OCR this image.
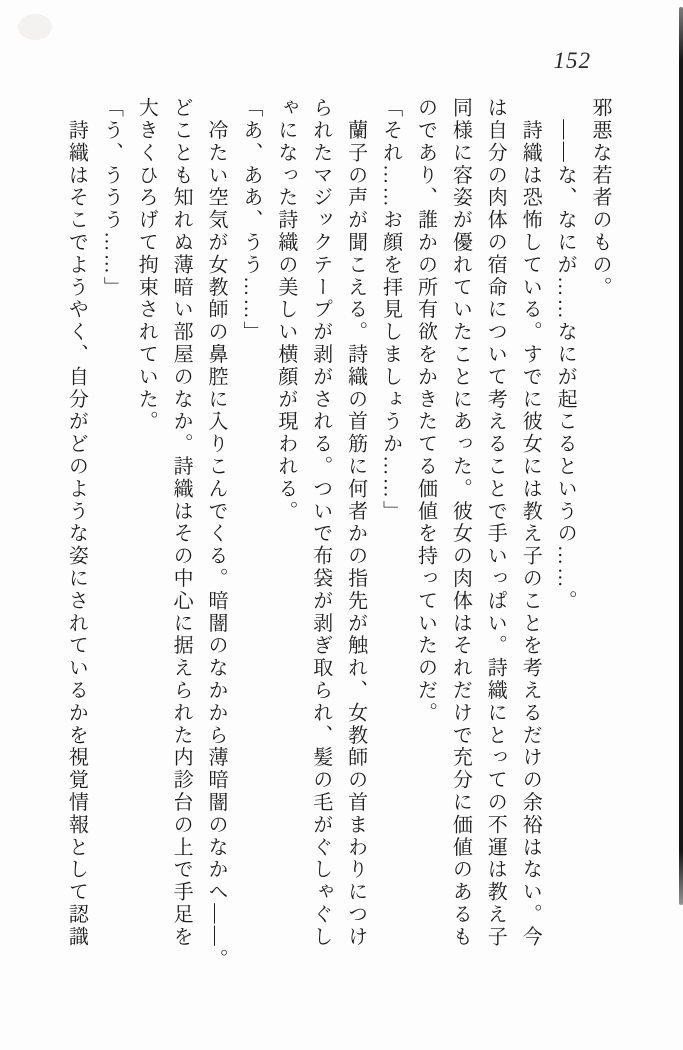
152
邪悪な若者のもの。
　――な、なにが……なにが起こるというの……。
　詩織は恐怖している。すでに彼女には教え子のことを考えるだけの余裕はない。今
は自分の肉体の宿命について考えることで手いっぱい。詩織にとっての不運は教え子
同様に容姿が優れていたことにあった。彼女の肉体はそれだけで充分に価値のあるも
のであり、誰かの所有欲をかきたてる価値を持っていたのだ。
「それ……お顔を拝見しましょうか……」
　蘭子の声が聞こえる。詩織の首筋に何者かの指先が触れ、女教師の首まわりにつけ
られたマジックテープが剥がされる。ついで布袋が剥ぎ取られ、髪の毛がぐしゃぐし
ゃになった詩織の美しい横顔が現われる。
「あ、ああ、うう……」
　冷たい空気が女教師の鼻腔に入りこんでくる。暗闇のなかから薄暗闇のなかへ――。
どことも知れぬ薄暗い部屋のなか。詩織はその中心に据えられた内診台の上で手足を
大きくひろげて拘束されていた。
「う、ううう……」
　詩織はそこでようやく、自分がどのような姿にされているかを視覚情報として認識
